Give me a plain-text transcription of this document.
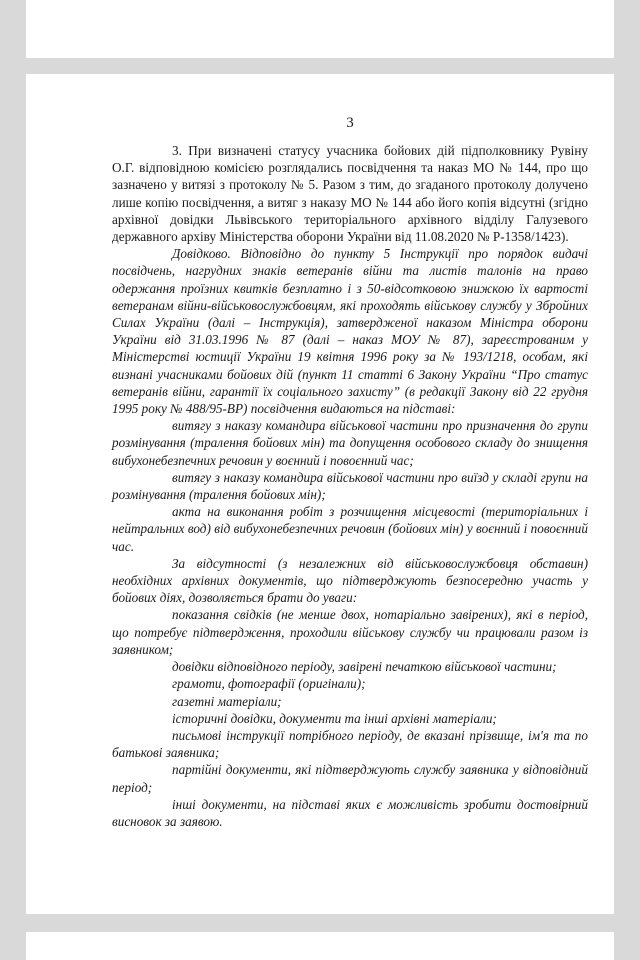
3

3. При визначені статусу учасника бойових дій підполковнику Рувіну О.Г. відповідною комісією розглядались посвідчення та наказ МО № 144, про що зазначено у витязі з протоколу № 5. Разом з тим, до згаданого протоколу долучено лише копію посвідчення, а витяг з наказу МО № 144 або його копія відсутні (згідно архівної довідки Львівського територіального архівного відділу Галузевого державного архіву Міністерства оборони України від 11.08.2020 № Р-1358/1423).

Довідково. Відповідно до пункту 5 Інструкції про порядок видачі посвідчень, нагрудних знаків ветеранів війни та листів талонів на право одержання проїзних квитків безплатно і з 50-відсотковою знижкою їх вартості ветеранам війни-військовослужбовцям, які проходять військову службу у Збройних Силах України (далі – Інструкція), затвердженої наказом Міністра оборони України від 31.03.1996 № 87 (далі – наказ МОУ № 87), зареєстрованим у Міністерстві юстиції України 19 квітня 1996 року за № 193/1218, особам, які визнані учасниками бойових дій (пункт 11 статті 6 Закону України “Про статус ветеранів війни, гарантії їх соціального захисту” (в редакції Закону від 22 грудня 1995 року № 488/95-ВР) посвідчення видаються на підставі:

витягу з наказу командира військової частини про призначення до групи розмінування (тралення бойових мін) та допущення особового складу до знищення вибухонебезпечних речовин у воєнний і повоєнний час;

витягу з наказу командира військової частини про виїзд у складі групи на розмінування (тралення бойових мін);

акта на виконання робіт з розчищення місцевості (територіальних і нейтральних вод) від вибухонебезпечних речовин (бойових мін) у воєнний і повоєнний час.

За відсутності (з незалежних від військовослужбовця обставин) необхідних архівних документів, що підтверджують безпосередню участь у бойових діях, дозволяється брати до уваги:

показання свідків (не менше двох, нотаріально завірених), які в період, що потребує підтвердження, проходили військову службу чи працювали разом із заявником;

довідки відповідного періоду, завірені печаткою військової частини;

грамоти, фотографії (оригінали);

газетні матеріали;

історичні довідки, документи та інші архівні матеріали;

письмові інструкції потрібного періоду, де вказані прізвище, ім'я та по батькові заявника;

партійні документи, які підтверджують службу заявника у відповідний період;

інші документи, на підставі яких є можливість зробити достовірний висновок за заявою.
